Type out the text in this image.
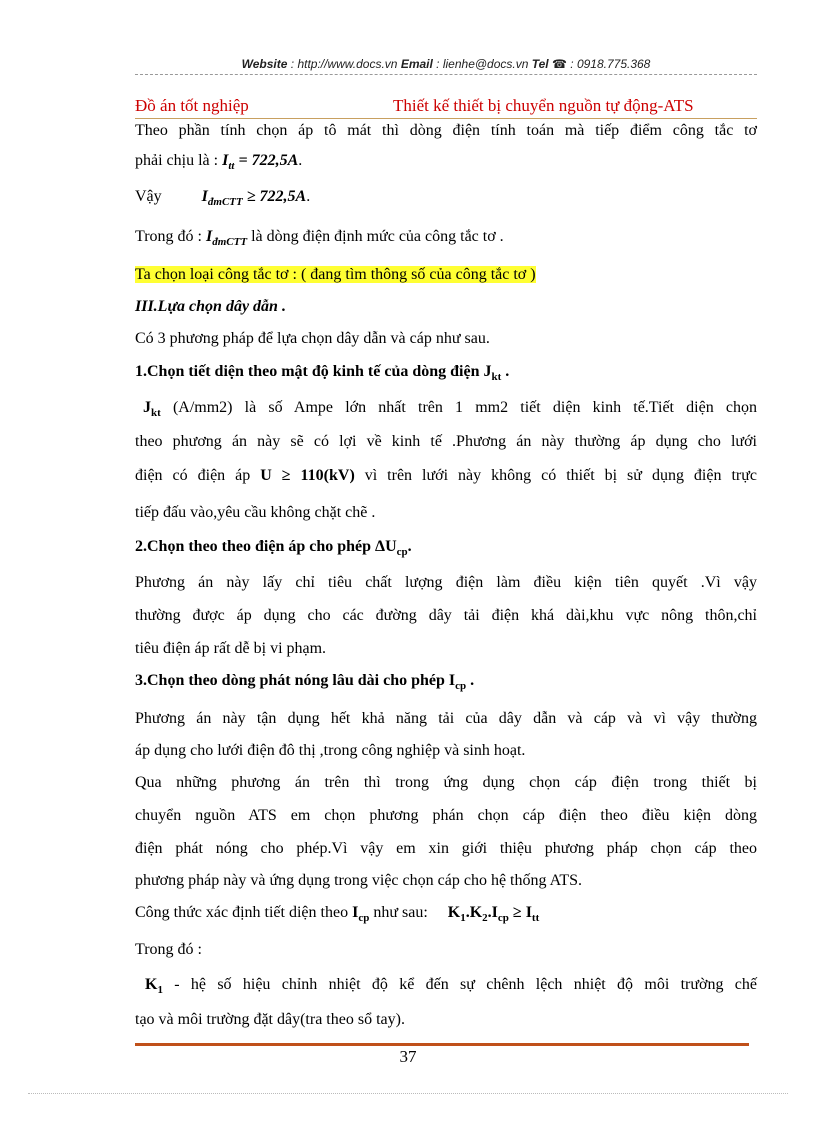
Website : http://www.docs.vn Email : lienhe@docs.vn Tel ☎ : 0918.775.368
Đồ án tốt nghiệp	Thiết kế thiết bị chuyển nguồn tự động-ATS
Theo phần tính chọn áp tô mát thì dòng điện tính toán mà tiếp điểm công tắc tơ
phải chịu là : $I_{tt} = 722,5A$.
Vậy	$I_{đmCTT} \ge 722,5A$.
Trong đó : $I_{đmCTT}$ là dòng điện định mức của công tắc tơ .
Ta chọn loại công tắc tơ : ( đang tìm thông số của công tắc tơ )
III.Lựa chọn dây dẫn .
Có 3 phương pháp để lựa chọn dây dẫn và cáp như sau.
1.Chọn tiết diện theo mật độ kinh tế của dòng điện $J_{kt}$ .
$J_{kt}$ (A/mm2) là số Ampe lớn nhất trên 1 mm2 tiết diện kinh tế.Tiết diện chọn
theo phương án này sẽ có lợi về kinh tế .Phương án này thường áp dụng cho lưới
điện có điện áp U ≥ 110(kV) vì trên lưới này không có thiết bị sử dụng điện trực
tiếp đấu vào,yêu cầu không chặt chẽ .
2.Chọn theo theo điện áp cho phép $\Delta U_{cp}$.
Phương án này lấy chỉ tiêu chất lượng điện làm điều kiện tiên quyết .Vì vậy
thường được áp dụng cho các đường dây tải điện khá dài,khu vực nông thôn,chỉ
tiêu điện áp rất dễ bị vi phạm.
3.Chọn theo dòng phát nóng lâu dài cho phép $I_{cp}$ .
Phương án này tận dụng hết khả năng tải của dây dẫn và cáp và vì vậy thường
áp dụng cho lưới điện đô thị ,trong công nghiệp và sinh hoạt.
Qua những phương án trên thì trong ứng dụng chọn cáp điện trong thiết bị
chuyển nguồn ATS em chọn phương phán chọn cáp điện theo điều kiện dòng
điện phát nóng cho phép.Vì vậy em xin giới thiệu phương pháp chọn cáp theo
phương pháp này và ứng dụng trong việc chọn cáp cho hệ thống ATS.
Công thức xác định tiết diện theo $I_{cp}$ như sau: $K_1.K_2.I_{cp} \ge I_{tt}$
Trong đó :
$K_1$ - hệ số hiệu chỉnh nhiệt độ kể đến sự chênh lệch nhiệt độ môi trường chế
tạo và môi trường đặt dây(tra theo sổ tay).
37
